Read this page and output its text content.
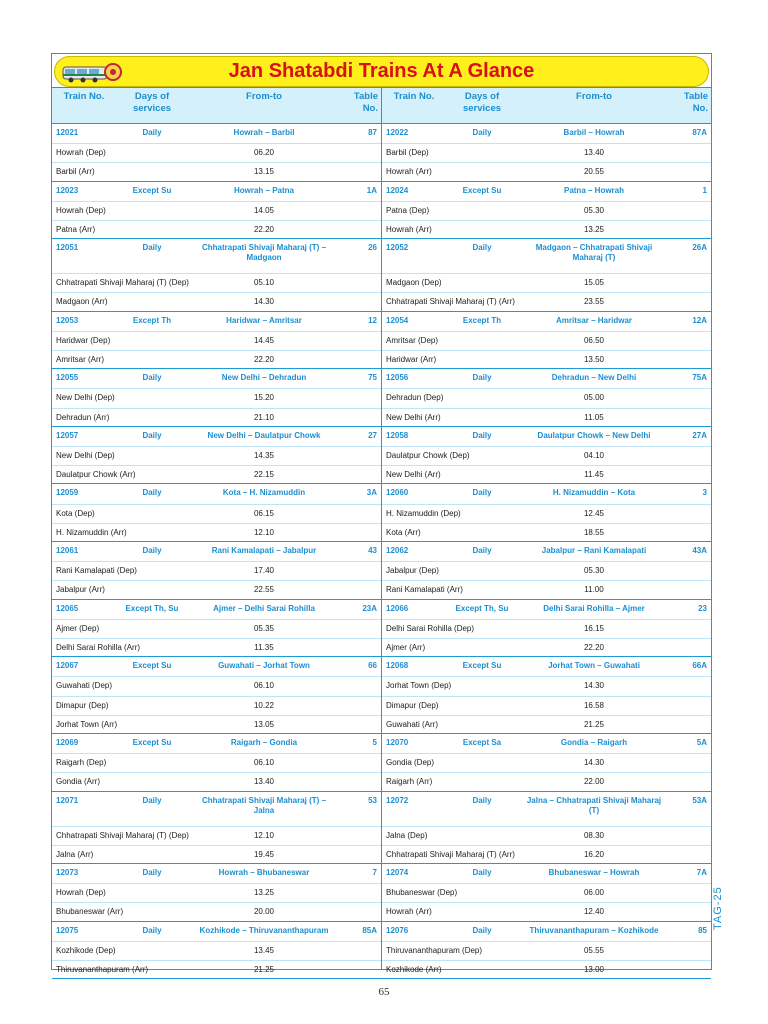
Jan Shatabdi Trains At A Glance
Train No.	Days of
services
From-to	Table
No.
Train No.	Days of
services
From-to	Table
No.
12021	Daily	Howrah – Barbil	87
Howrah (Dep)	06.20
Barbil (Arr)	13.15
12022	Daily	Barbil – Howrah	87A
Barbil (Dep)	13.40
Howrah (Arr)	20.55
12023	Except Su	Howrah – Patna	1A
Howrah (Dep)	14.05
Patna (Arr)	22.20
12024	Except Su	Patna – Howrah	1
Patna (Dep)	05.30
Howrah (Arr)	13.25
12051	Daily	Chhatrapati Shivaji Maharaj (T) – Madgaon
26
Chhatrapati Shivaji Maharaj (T) (Dep)	05.10
Madgaon (Arr)	14.30
12052	Daily	Madgaon – Chhatrapati Shivaji Maharaj (T)
26A
Madgaon (Dep)	15.05
Chhatrapati Shivaji Maharaj (T) (Arr)	23.55
12053	Except Th	Haridwar – Amritsar	12
Haridwar (Dep)	14.45
Amritsar (Arr)	22.20
12054	Except Th	Amritsar – Haridwar	12A
Amritsar (Dep)	06.50
Haridwar (Arr)	13.50
12055	Daily	New Delhi – Dehradun	75
New Delhi (Dep)	15.20
Dehradun (Arr)	21.10
12056	Daily	Dehradun – New Delhi	75A
Dehradun (Dep)	05.00
New Delhi (Arr)	11.05
12057	Daily	New Delhi – Daulatpur Chowk	27
New Delhi (Dep)	14.35
Daulatpur Chowk (Arr)	22.15
12058	Daily	Daulatpur Chowk – New Delhi	27A
Daulatpur Chowk (Dep)	04.10
New Delhi (Arr)	11.45
12059	Daily	Kota – H. Nizamuddin	3A
Kota (Dep)	06.15
H. Nizamuddin (Arr)	12.10
12060	Daily	H. Nizamuddin – Kota	3
H. Nizamuddin (Dep)	12.45
Kota (Arr)	18.55
12061	Daily	Rani Kamalapati – Jabalpur	43
Rani Kamalapati (Dep)	17.40
Jabalpur (Arr)	22.55
12062	Daily	Jabalpur – Rani Kamalapati	43A
Jabalpur (Dep)	05.30
Rani Kamalapati (Arr)	11.00
12065	Except Th, Su	Ajmer – Delhi Sarai Rohilla	23A
Ajmer (Dep)	05.35
Delhi Sarai Rohilla (Arr)	11.35
12066	Except Th, Su	Delhi Sarai Rohilla – Ajmer	23
Delhi Sarai Rohilla (Dep)	16.15
Ajmer (Arr)	22.20
12067	Except Su	Guwahati – Jorhat Town	66
Guwahati (Dep)	06.10
Dimapur (Dep)	10.22
Jorhat Town (Arr)	13.05
12068	Except Su	Jorhat Town – Guwahati	66A
Jorhat Town (Dep)	14.30
Dimapur (Dep)	16.58
Guwahati (Arr)	21.25
12069	Except Su	Raigarh – Gondia	5
Raigarh (Dep)	06.10
Gondia (Arr)	13.40
12070	Except Sa	Gondia – Raigarh	5A
Gondia (Dep)	14.30
Raigarh (Arr)	22.00
12071	Daily	Chhatrapati Shivaji Maharaj (T) – Jalna
53
Chhatrapati Shivaji Maharaj (T) (Dep)	12.10
Jalna (Arr)	19.45
12072	Daily	Jalna – Chhatrapati Shivaji Maharaj (T)
53A
Jalna (Dep)	08.30
Chhatrapati Shivaji Maharaj (T) (Arr)	16.20
12073	Daily	Howrah – Bhubaneswar	7
Howrah (Dep)	13.25
Bhubaneswar (Arr)	20.00
12074	Daily	Bhubaneswar – Howrah	7A
Bhubaneswar (Dep)	06.00
Howrah (Arr)	12.40
12075	Daily	Kozhikode – Thiruvananthapuram	85A
Kozhikode (Dep)	13.45
Thiruvananthapuram (Arr)	21.25
12076	Daily	Thiruvananthapuram – Kozhikode	85
Thiruvananthapuram (Dep)	05.55
Kozhikode (Arr)	13.00
65
TAG-25
